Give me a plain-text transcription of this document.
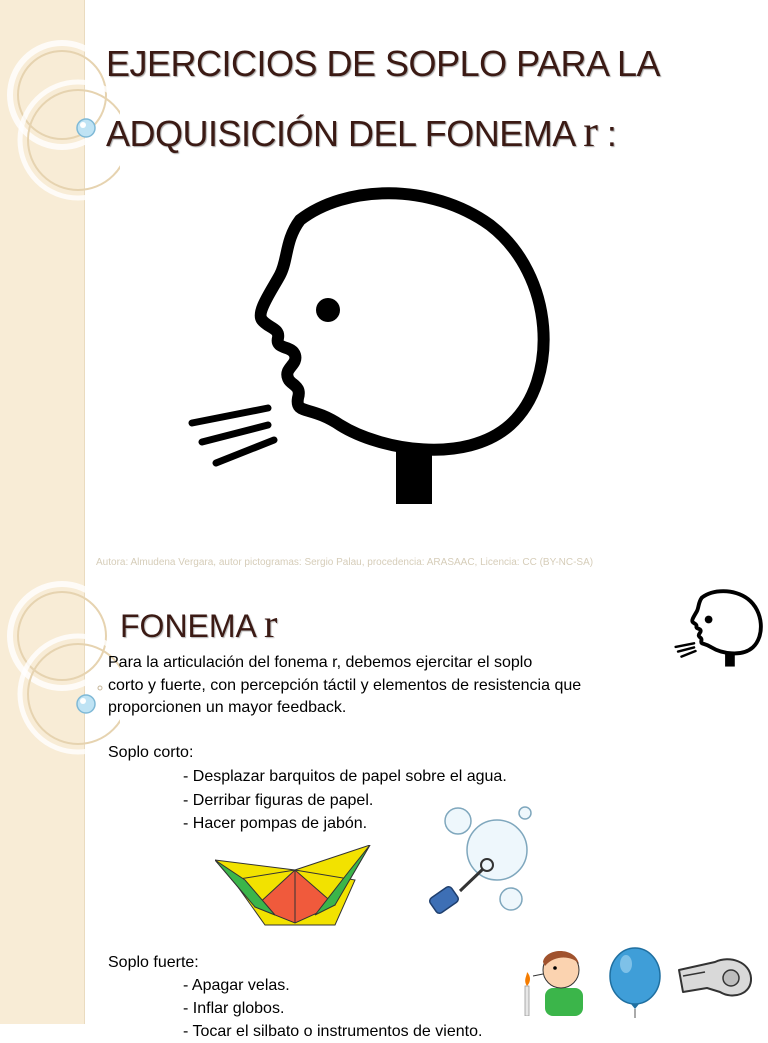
EJERCICIOS DE SOPLO PARA LA
ADQUISICIÓN DEL FONEMA r :
Autora: Almudena Vergara, autor pictogramas: Sergio Palau, procedencia: ARASAAC, Licencia: CC (BY-NC-SA)
FONEMA r
Para la articulación del fonema r, debemos ejercitar el soplo
corto y fuerte, con percepción táctil y elementos de resistencia que
proporcionen un mayor feedback.
Soplo corto:
- Desplazar barquitos de papel sobre el agua.
- Derribar figuras de papel.
- Hacer pompas de jabón.
Soplo fuerte:
- Apagar velas.
- Inflar globos.
- Tocar el silbato o instrumentos de viento.
